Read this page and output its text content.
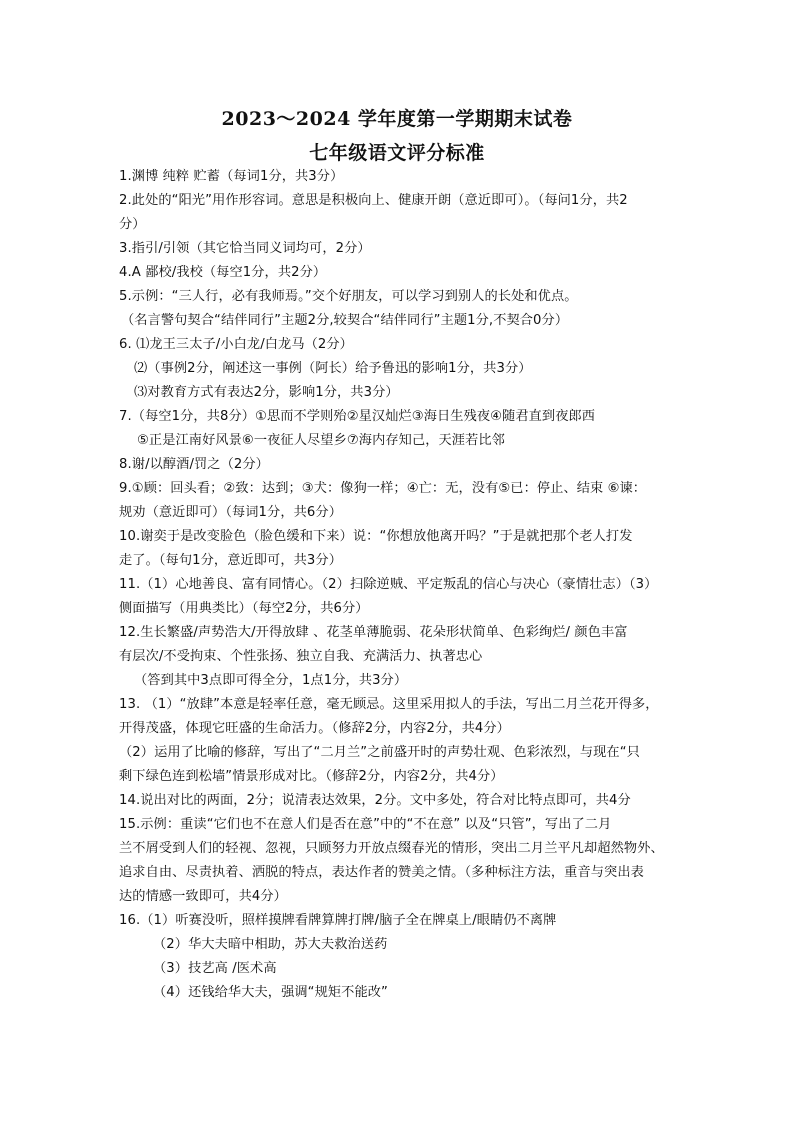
2023～2024 学年度第一学期期末试卷
七年级语文评分标准
1.渊博 纯粹 贮蓄（每词1分，共3分）
2.此处的“阳光”用作形容词。意思是积极向上、健康开朗（意近即可）。（每问1分，共2
分）
3.指引/引领（其它恰当同义词均可，2分）
4.A 鄙校/我校（每空1分，共2分）
5.示例：“三人行，必有我师焉。”交个好朋友，可以学习到别人的长处和优点。
（名言警句契合“结伴同行”主题2分,较契合“结伴同行”主题1分,不契合0分）
6. ⑴龙王三太子/小白龙/白龙马（2分）
⑵（事例2分，阐述这一事例（阿长）给予鲁迅的影响1分，共3分）
⑶对教育方式有表达2分，影响1分，共3分）
7.（每空1分，共8分）①思而不学则殆②星汉灿烂③海日生残夜④随君直到夜郎西
⑤正是江南好风景⑥一夜征人尽望乡⑦海内存知己，天涯若比邻
8.谢/以醇酒/罚之（2分）
9.①顾：回头看；②致：达到；③犬：像狗一样；④亡：无，没有⑤已：停止、结束 ⑥谏：
规劝（意近即可）（每词1分，共6分）
10.谢奕于是改变脸色（脸色缓和下来）说：“你想放他离开吗？”于是就把那个老人打发
走了。（每句1分，意近即可，共3分）
11.（1）心地善良、富有同情心。（2）扫除逆贼、平定叛乱的信心与决心（豪情壮志）（3）
侧面描写（用典类比）（每空2分，共6分）
12.生长繁盛/声势浩大/开得放肆 、花茎单薄脆弱、花朵形状简单、色彩绚烂/ 颜色丰富
有层次/不受拘束、个性张扬、独立自我、充满活力、执著忠心
（答到其中3点即可得全分，1点1分，共3分）
13. （1）“放肆”本意是轻率任意，毫无顾忌。这里采用拟人的手法，写出二月兰花开得多，
开得茂盛，体现它旺盛的生命活力。（修辞2分，内容2分，共4分）
（2）运用了比喻的修辞，写出了“二月兰”之前盛开时的声势壮观、色彩浓烈，与现在“只
剩下绿色连到松墙”情景形成对比。（修辞2分，内容2分，共4分）
14.说出对比的两面，2分；说清表达效果，2分。文中多处，符合对比特点即可，共4分
15.示例：重读“它们也不在意人们是否在意”中的“不在意” 以及“只管”，写出了二月
兰不屑受到人们的轻视、忽视，只顾努力开放点缀春光的情形，突出二月兰平凡却超然物外、
追求自由、尽责执着、洒脱的特点，表达作者的赞美之情。（多种标注方法，重音与突出表
达的情感一致即可，共4分）
16.（1）听赛没听，照样摸牌看牌算牌打牌/脑子全在牌桌上/眼睛仍不离牌
（2）华大夫暗中相助，苏大夫救治送药
（3）技艺高 /医术高
（4）还钱给华大夫，强调“规矩不能改”
